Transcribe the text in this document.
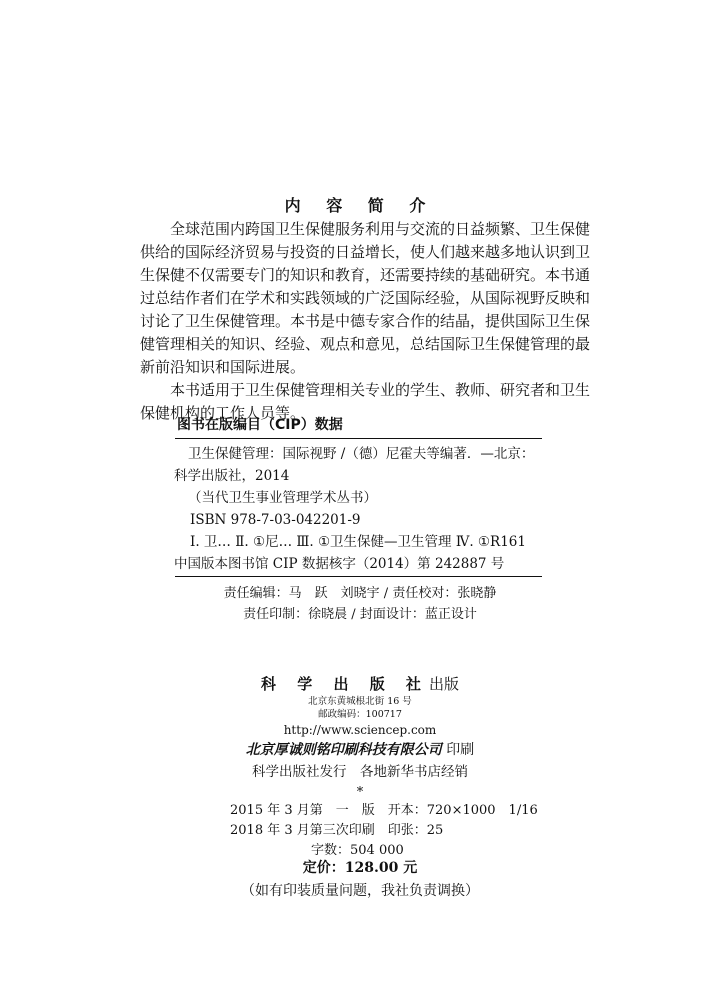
内 容 简 介

全球范围内跨国卫生保健服务利用与交流的日益频繁、卫生保健供给的国际经济贸易与投资的日益增长，使人们越来越多地认识到卫生保健不仅需要专门的知识和教育，还需要持续的基础研究。本书通过总结作者们在学术和实践领域的广泛国际经验，从国际视野反映和讨论了卫生保健管理。本书是中德专家合作的结晶，提供国际卫生保健管理相关的知识、经验、观点和意见，总结国际卫生保健管理的最新前沿知识和国际进展。

本书适用于卫生保健管理相关专业的学生、教师、研究者和卫生保健机构的工作人员等。

图书在版编目（CIP）数据
卫生保健管理：国际视野 /（德）尼霍夫等编著．—北京：
科学出版社，2014
（当代卫生事业管理学术丛书）
ISBN 978-7-03-042201-9
Ⅰ. 卫… Ⅱ. ①尼… Ⅲ. ①卫生保健—卫生管理 Ⅳ. ①R161
中国版本图书馆 CIP 数据核字（2014）第 242887 号
责任编辑：马　跃　刘晓宇 / 责任校对：张晓静
责任印制：徐晓晨 / 封面设计：蓝正设计
科 学 出 版 社出版
北京东黄城根北街 16 号
邮政编码：100717
http://www.sciencep.com
北京厚诚则铭印刷科技有限公司 印刷
科学出版社发行　各地新华书店经销
*
2015 年 3 月第　一　版　开本：720×1000　1/16
2018 年 3 月第三次印刷　印张：25
字数：504 000
定价：128.00 元
（如有印装质量问题，我社负责调换）
